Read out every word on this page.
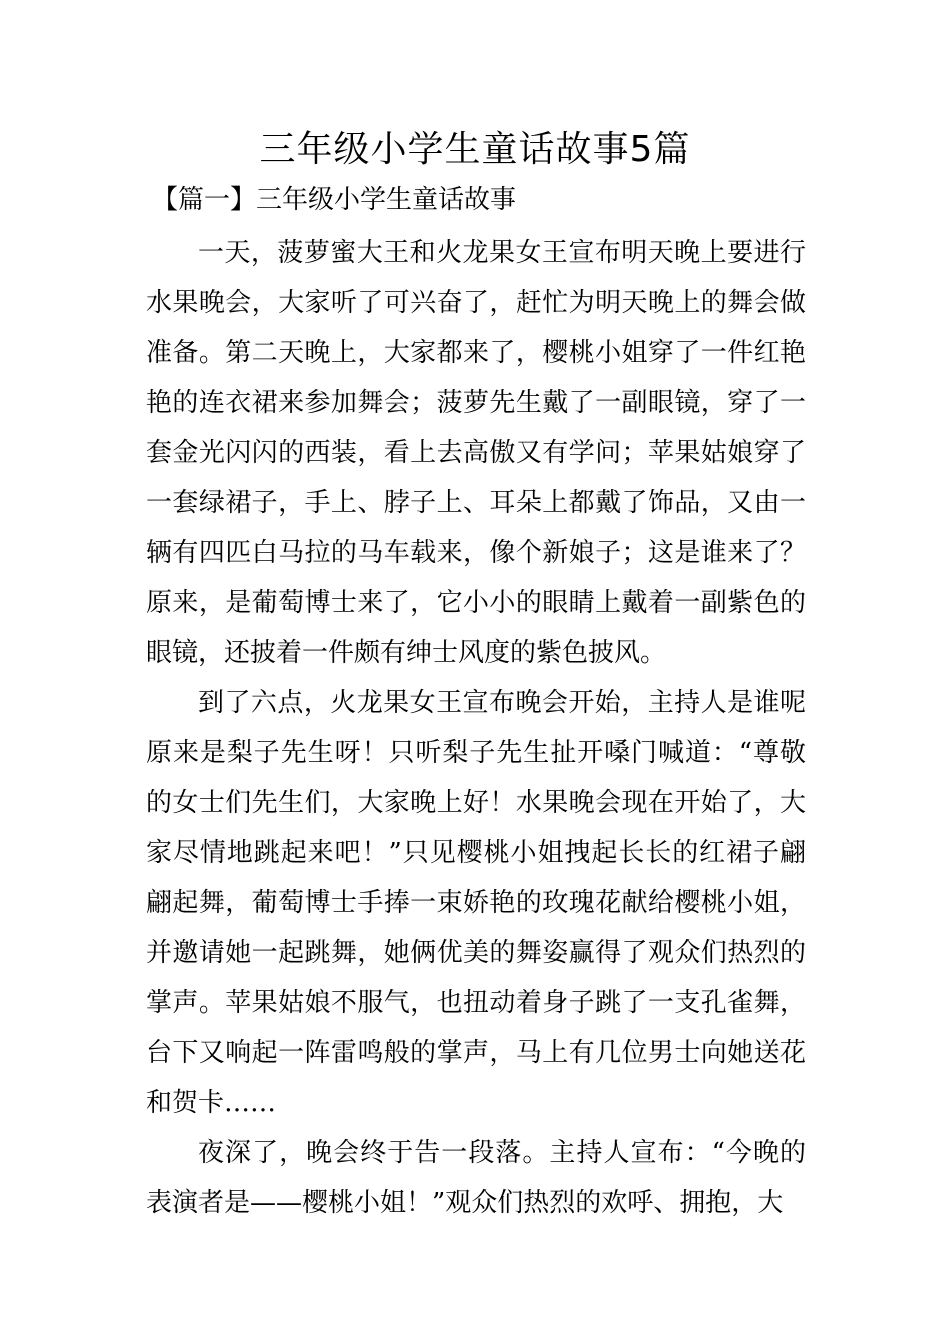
三年级小学生童话故事5篇
【篇一】三年级小学生童话故事

一天，菠萝蜜大王和火龙果女王宣布明天晚上要进行水果晚会，大家听了可兴奋了，赶忙为明天晚上的舞会做准备。第二天晚上，大家都来了，樱桃小姐穿了一件红艳艳的连衣裙来参加舞会；菠萝先生戴了一副眼镜，穿了一套金光闪闪的西装，看上去高傲又有学问；苹果姑娘穿了一套绿裙子，手上、脖子上、耳朵上都戴了饰品，又由一辆有四匹白马拉的马车载来，像个新娘子；这是谁来了？原来，是葡萄博士来了，它小小的眼睛上戴着一副紫色的眼镜，还披着一件颇有绅士风度的紫色披风。

到了六点，火龙果女王宣布晚会开始，主持人是谁呢原来是梨子先生呀！只听梨子先生扯开嗓门喊道：“尊敬的女士们先生们，大家晚上好！水果晚会现在开始了，大家尽情地跳起来吧！”只见樱桃小姐拽起长长的红裙子翩翩起舞，葡萄博士手捧一束娇艳的玫瑰花献给樱桃小姐，并邀请她一起跳舞，她俩优美的舞姿赢得了观众们热烈的掌声。苹果姑娘不服气，也扭动着身子跳了一支孔雀舞，台下又响起一阵雷鸣般的掌声，马上有几位男士向她送花和贺卡……

夜深了，晚会终于告一段落。主持人宣布：“今晚的表演者是——樱桃小姐！”观众们热烈的欢呼、拥抱，大
